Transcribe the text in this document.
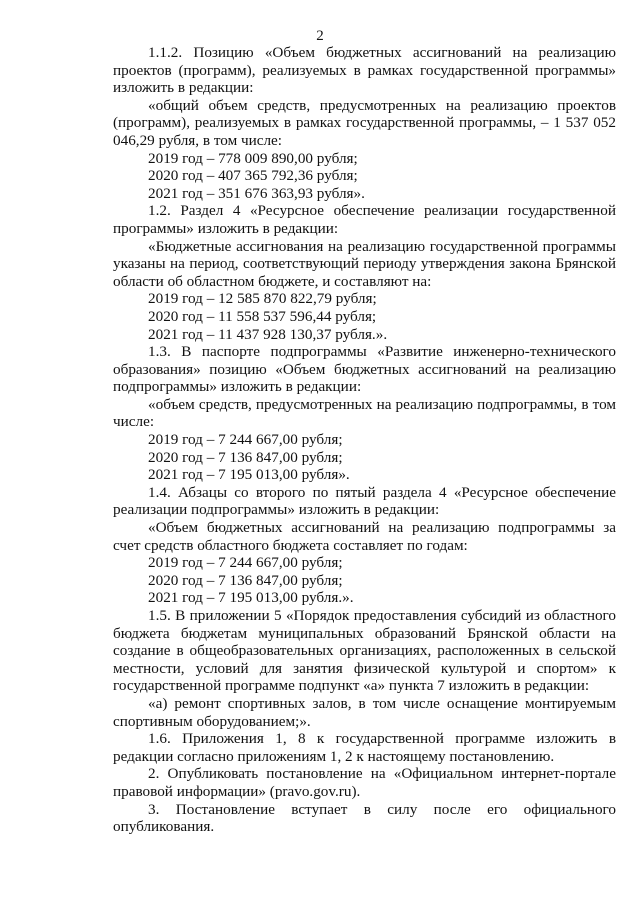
2

1.1.2. Позицию «Объем бюджетных ассигнований на реализацию проектов (программ), реализуемых в рамках государственной программы» изложить в редакции:

«общий объем средств, предусмотренных на реализацию проектов (программ), реализуемых в рамках государственной программы, – 1 537 052 046,29 рубля, в том числе:

2019 год – 778 009 890,00 рубля;

2020 год – 407 365 792,36 рубля;

2021 год – 351 676 363,93 рубля».

1.2. Раздел 4 «Ресурсное обеспечение реализации государственной программы» изложить в редакции:

«Бюджетные ассигнования на реализацию государственной программы указаны на период, соответствующий периоду утверждения закона Брянской области об областном бюджете, и составляют на:

2019 год – 12 585 870 822,79 рубля;

2020 год – 11 558 537 596,44 рубля;

2021 год – 11 437 928 130,37 рубля.».

1.3. В паспорте подпрограммы «Развитие инженерно-технического образования» позицию «Объем бюджетных ассигнований на реализацию подпрограммы» изложить в редакции:

«объем средств, предусмотренных на реализацию подпрограммы, в том числе:

2019 год – 7 244 667,00 рубля;

2020 год – 7 136 847,00 рубля;

2021 год – 7 195 013,00 рубля».

1.4. Абзацы со второго по пятый раздела 4 «Ресурсное обеспечение реализации подпрограммы» изложить в редакции:

«Объем бюджетных ассигнований на реализацию подпрограммы за счет средств областного бюджета составляет по годам:

2019 год – 7 244 667,00 рубля;

2020 год – 7 136 847,00 рубля;

2021 год – 7 195 013,00 рубля.».

1.5. В приложении 5 «Порядок предоставления субсидий из областного бюджета бюджетам муниципальных образований Брянской области на создание в общеобразовательных организациях, расположенных в сельской местности, условий для занятия физической культурой и спортом» к государственной программе подпункт «а» пункта 7 изложить в редакции:

«а) ремонт спортивных залов, в том числе оснащение монтируемым спортивным оборудованием;».

1.6. Приложения 1, 8 к государственной программе изложить в редакции согласно приложениям 1, 2 к настоящему постановлению.

2. Опубликовать постановление на «Официальном интернет-портале правовой информации» (pravo.gov.ru).

3. Постановление вступает в силу после его официального опубликования.
